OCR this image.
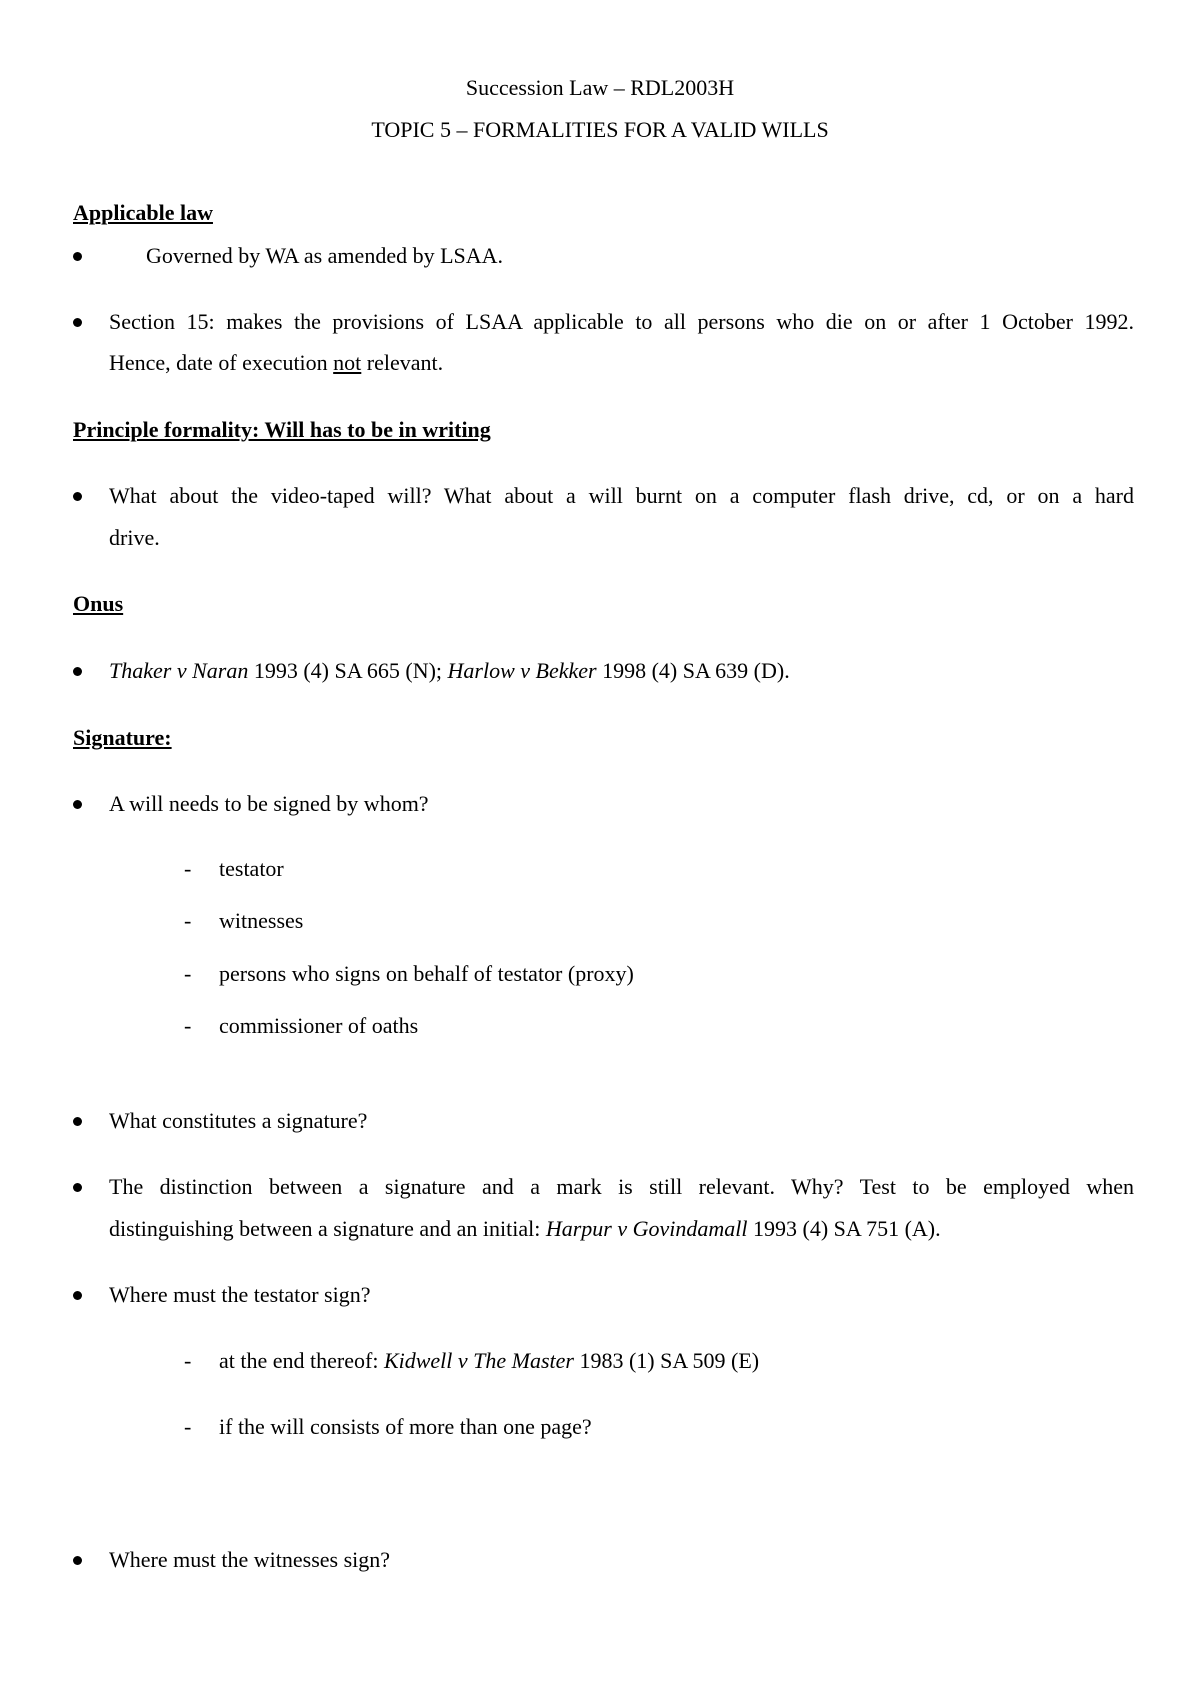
Succession Law – RDL2003H
TOPIC 5 – FORMALITIES FOR A VALID WILLS
Applicable law
Governed by WA as amended by LSAA.
Section 15: makes the provisions of LSAA applicable to all persons who die on or after 1 October 1992.
Hence, date of execution not relevant.
Principle formality: Will has to be in writing
What about the video-taped will? What about a will burnt on a computer flash drive, cd, or on a hard
drive.
Onus
Thaker v Naran 1993 (4) SA 665 (N); Harlow v Bekker 1998 (4) SA 639 (D).
Signature:
A will needs to be signed by whom?
- testator
- witnesses
- persons who signs on behalf of testator (proxy)
- commissioner of oaths
What constitutes a signature?
The distinction between a signature and a mark is still relevant. Why? Test to be employed when
distinguishing between a signature and an initial: Harpur v Govindamall 1993 (4) SA 751 (A).
Where must the testator sign?
- at the end thereof: Kidwell v The Master 1983 (1) SA 509 (E)
- if the will consists of more than one page?
Where must the witnesses sign?
